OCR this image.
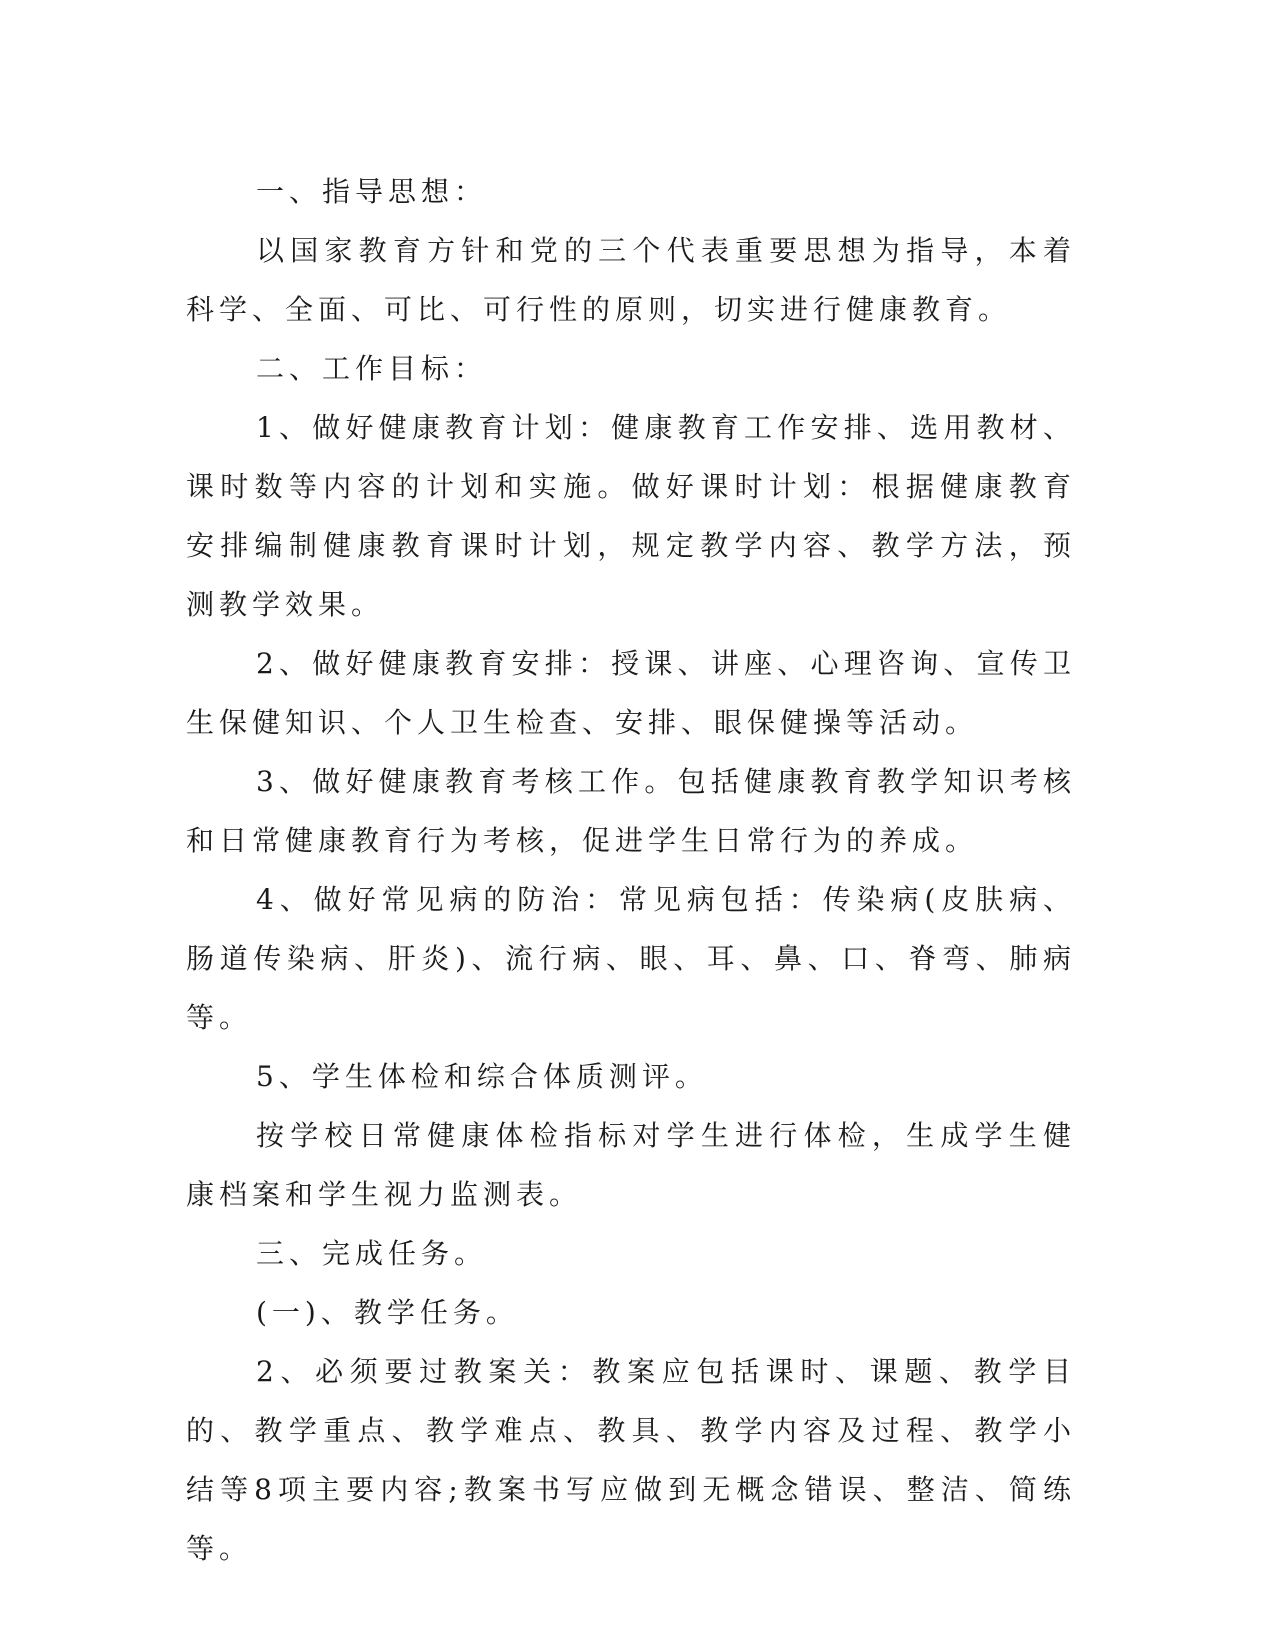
一、指导思想：

以国家教育方针和党的三个代表重要思想为指导，本着科学、全面、可比、可行性的原则，切实进行健康教育。

二、工作目标：

1、做好健康教育计划：健康教育工作安排、选用教材、课时数等内容的计划和实施。做好课时计划：根据健康教育安排编制健康教育课时计划，规定教学内容、教学方法，预测教学效果。

2、做好健康教育安排：授课、讲座、心理咨询、宣传卫生保健知识、个人卫生检查、安排、眼保健操等活动。

3、做好健康教育考核工作。包括健康教育教学知识考核和日常健康教育行为考核，促进学生日常行为的养成。

4、做好常见病的防治：常见病包括：传染病(皮肤病、肠道传染病、肝炎)、流行病、眼、耳、鼻、口、脊弯、肺病等。

5、学生体检和综合体质测评。

按学校日常健康体检指标对学生进行体检，生成学生健康档案和学生视力监测表。

三、完成任务。

(一)、教学任务。

2、必须要过教案关：教案应包括课时、课题、教学目的、教学重点、教学难点、教具、教学内容及过程、教学小结等8项主要内容;教案书写应做到无概念错误、整洁、简练等。
